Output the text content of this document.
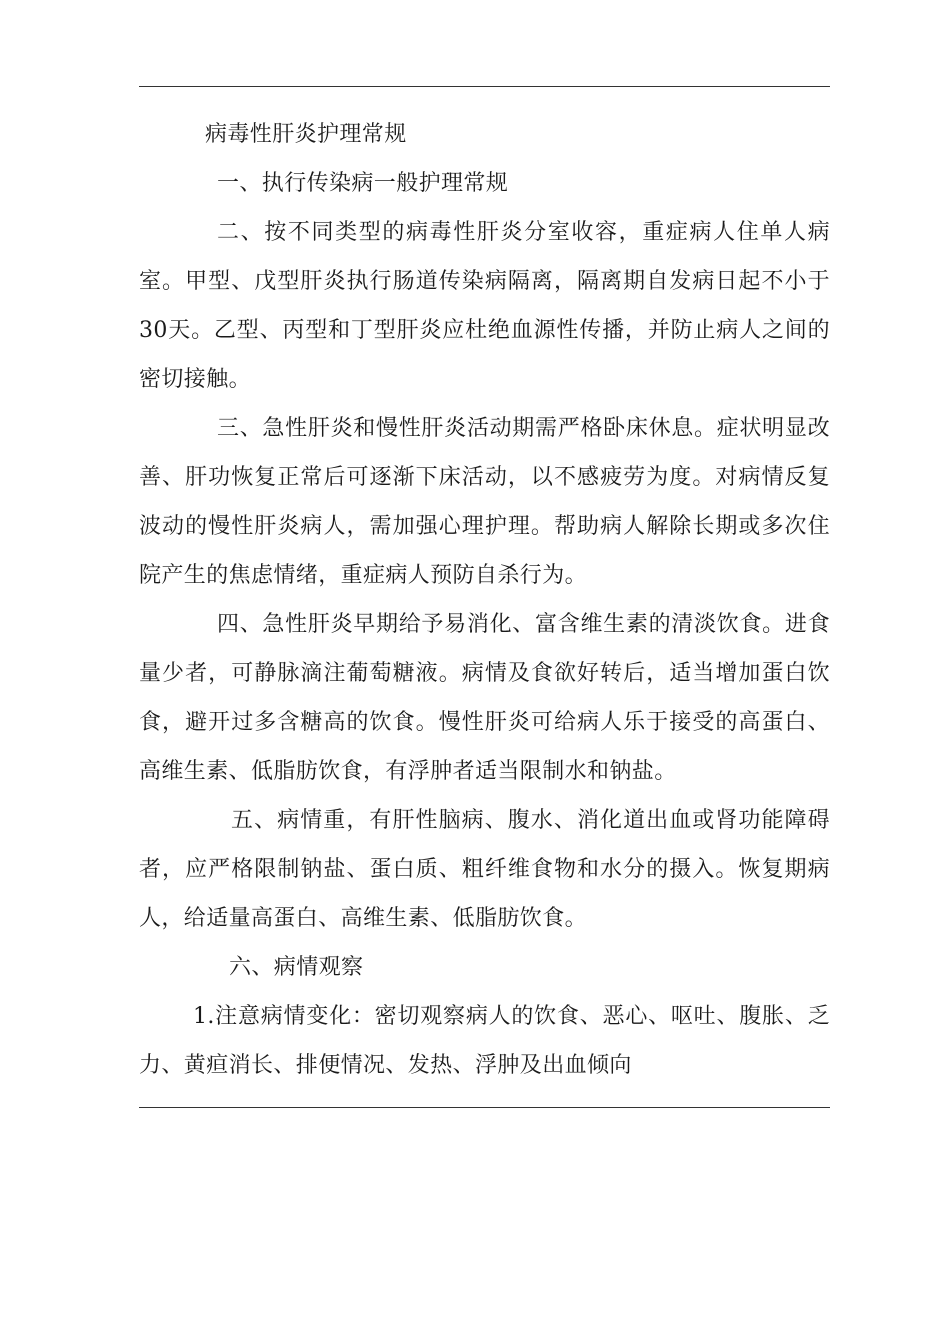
病毒性肝炎护理常规
一、执行传染病一般护理常规
二、按不同类型的病毒性肝炎分室收容，重症病人住单人病
室。甲型、戊型肝炎执行肠道传染病隔离，隔离期自发病日起不小于
30天。乙型、丙型和丁型肝炎应杜绝血源性传播，并防止病人之间的
密切接触。
三、急性肝炎和慢性肝炎活动期需严格卧床休息。症状明显改
善、肝功恢复正常后可逐渐下床活动，以不感疲劳为度。对病情反复
波动的慢性肝炎病人，需加强心理护理。帮助病人解除长期或多次住
院产生的焦虑情绪，重症病人预防自杀行为。
四、急性肝炎早期给予易消化、富含维生素的清淡饮食。进食
量少者，可静脉滴注葡萄糖液。病情及食欲好转后，适当增加蛋白饮
食，避开过多含糖高的饮食。慢性肝炎可给病人乐于接受的高蛋白、
高维生素、低脂肪饮食，有浮肿者适当限制水和钠盐。
五、病情重，有肝性脑病、腹水、消化道出血或肾功能障碍
者，应严格限制钠盐、蛋白质、粗纤维食物和水分的摄入。恢复期病
人，给适量高蛋白、高维生素、低脂肪饮食。
六、病情观察
1.注意病情变化：密切观察病人的饮食、恶心、呕吐、腹胀、乏
力、黄疸消长、排便情况、发热、浮肿及出血倾向
